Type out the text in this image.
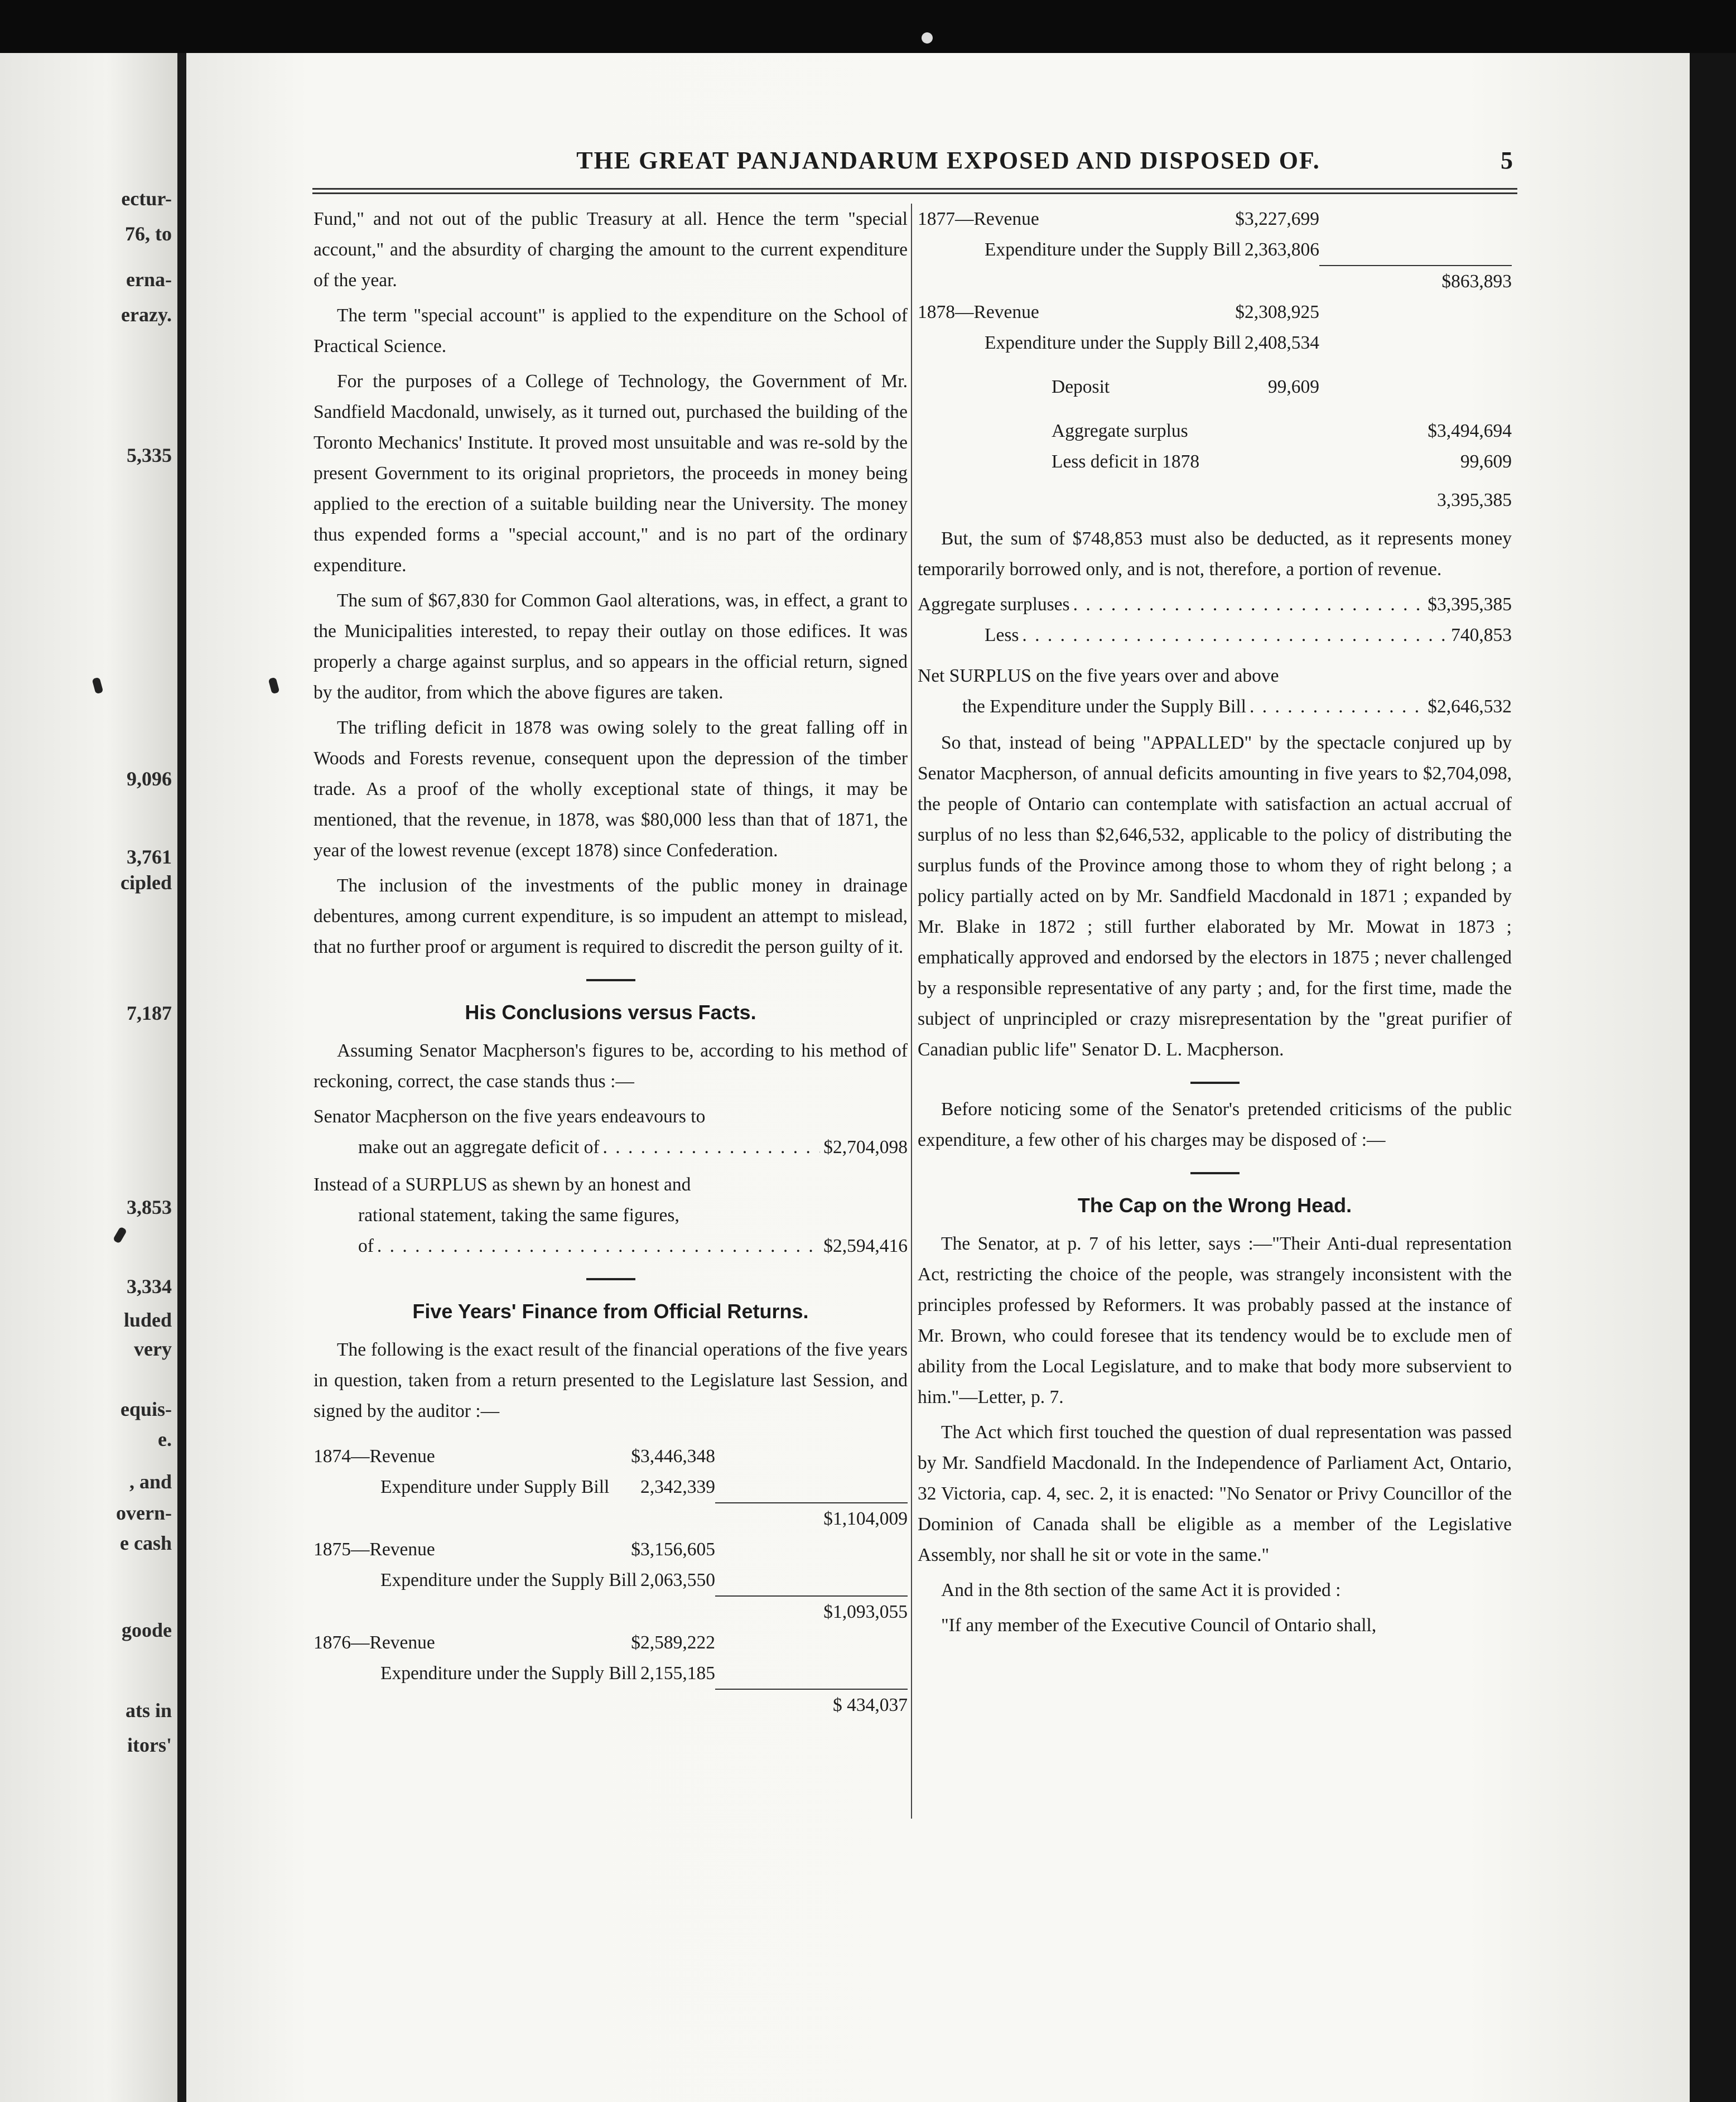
ectur-
76, to
erna-
erazy.
5,335
9,096
3,761
cipled
7,187
3,853
3,334
luded
very
equis-
e.
, and
overn-
e cash
goode
ats in
itors'
THE GREAT PANJANDARUM EXPOSED AND DISPOSED OF.	5

Fund," and not out of the public Treasury at all. Hence the term "special account," and the absurdity of charging the amount to the current expenditure of the year.

The term "special account" is applied to the expenditure on the School of Practical Science.

For the purposes of a College of Technology, the Government of Mr. Sandfield Macdonald, unwisely, as it turned out, purchased the building of the Toronto Mechanics' Institute. It proved most unsuitable and was re-sold by the present Government to its original proprietors, the proceeds in money being applied to the erection of a suitable building near the University. The money thus expended forms a "special account," and is no part of the ordinary expenditure.

The sum of $67,830 for Common Gaol alterations, was, in effect, a grant to the Municipalities interested, to repay their outlay on those edifices. It was properly a charge against surplus, and so appears in the official return, signed by the auditor, from which the above figures are taken.

The trifling deficit in 1878 was owing solely to the great falling off in Woods and Forests revenue, consequent upon the depression of the timber trade. As a proof of the wholly exceptional state of things, it may be mentioned, that the revenue, in 1878, was $80,000 less than that of 1871, the year of the lowest revenue (except 1878) since Confederation.

The inclusion of the investments of the public money in drainage debentures, among current expenditure, is so impudent an attempt to mislead, that no further proof or argument is required to discredit the person guilty of it.

His Conclusions versus Facts.

Assuming Senator Macpherson's figures to be, according to his method of reckoning, correct, the case stands thus :—

Senator Macpherson on the five years endeavours to
make out an aggregate deficit of . . .	$2,704,098
Instead of a SURPLUS as shewn by an honest and
rational statement, taking the same figures,
of . . .	$2,594,416
Five Years' Finance from Official Returns.

The following is the exact result of the financial operations of the five years in question, taken from a return presented to the Legislature last Session, and signed by the auditor :—

1874—Revenue	$3,446,348
Expenditure under Supply Bill	2,342,339
$1,104,009
1875—Revenue	$3,156,605
Expenditure under the Supply Bill 2,063,550
$1,093,055
1876—Revenue	$2,589,222
Expenditure under the Supply Bill 2,155,185
$ 434,037
1877—Revenue	$3,227,699
Expenditure under the Supply Bill 2,363,806
$863,893
1878—Revenue	$2,308,925
Expenditure under the Supply Bill 2,408,534
Deposit	99,609
Aggregate surplus	$3,494,694
Less deficit in 1878	99,609
3,395,385

But, the sum of $748,853 must also be deducted, as it represents money temporarily borrowed only, and is not, therefore, a portion of revenue.

Aggregate surpluses . . .	$3,395,385
Less . . .	740,853
Net SURPLUS on the five years over and above
the Expenditure under the Supply Bill . . .	$2,646,532

So that, instead of being "APPALLED" by the spectacle conjured up by Senator Macpherson, of annual deficits amounting in five years to $2,704,098, the people of Ontario can contemplate with satisfaction an actual accrual of surplus of no less than $2,646,532, applicable to the policy of distributing the surplus funds of the Province among those to whom they of right belong ; a policy partially acted on by Mr. Sandfield Macdonald in 1871 ; expanded by Mr. Blake in 1872 ; still further elaborated by Mr. Mowat in 1873 ; emphatically approved and endorsed by the electors in 1875 ; never challenged by a responsible representative of any party ; and, for the first time, made the subject of unprincipled or crazy misrepresentation by the "great purifier of Canadian public life" Senator D. L. Macpherson.

Before noticing some of the Senator's pretended criticisms of the public expenditure, a few other of his charges may be disposed of :—

The Cap on the Wrong Head.

The Senator, at p. 7 of his letter, says :—"Their Anti-dual representation Act, restricting the choice of the people, was strangely inconsistent with the principles professed by Reformers. It was probably passed at the instance of Mr. Brown, who could foresee that its tendency would be to exclude men of ability from the Local Legislature, and to make that body more subservient to him."—Letter, p. 7.

The Act which first touched the question of dual representation was passed by Mr. Sandfield Macdonald. In the Independence of Parliament Act, Ontario, 32 Victoria, cap. 4, sec. 2, it is enacted: "No Senator or Privy Councillor of the Dominion of Canada shall be eligible as a member of the Legislative Assembly, nor shall he sit or vote in the same."

And in the 8th section of the same Act it is provided :

"If any member of the Executive Council of Ontario shall,
